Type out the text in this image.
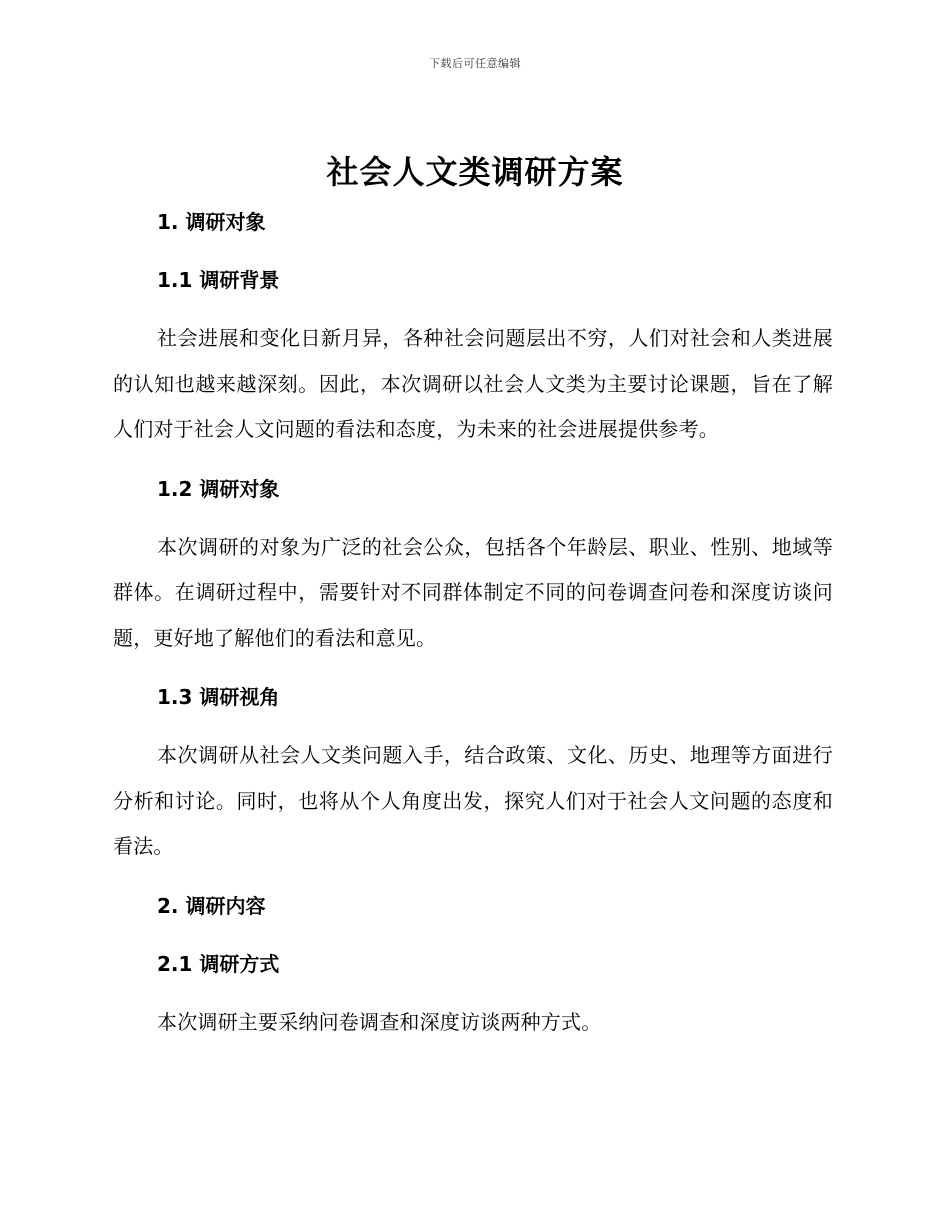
下载后可任意编辑
社会人文类调研方案
1. 调研对象
1.1 调研背景

社会进展和变化日新月异，各种社会问题层出不穷，人们对社会和人类进展的认知也越来越深刻。因此，本次调研以社会人文类为主要讨论课题，旨在了解人们对于社会人文问题的看法和态度，为未来的社会进展提供参考。

1.2 调研对象

本次调研的对象为广泛的社会公众，包括各个年龄层、职业、性别、地域等群体。在调研过程中，需要针对不同群体制定不同的问卷调查问卷和深度访谈问题，更好地了解他们的看法和意见。

1.3 调研视角

本次调研从社会人文类问题入手，结合政策、文化、历史、地理等方面进行分析和讨论。同时，也将从个人角度出发，探究人们对于社会人文问题的态度和看法。

2. 调研内容
2.1 调研方式

本次调研主要采纳问卷调查和深度访谈两种方式。
